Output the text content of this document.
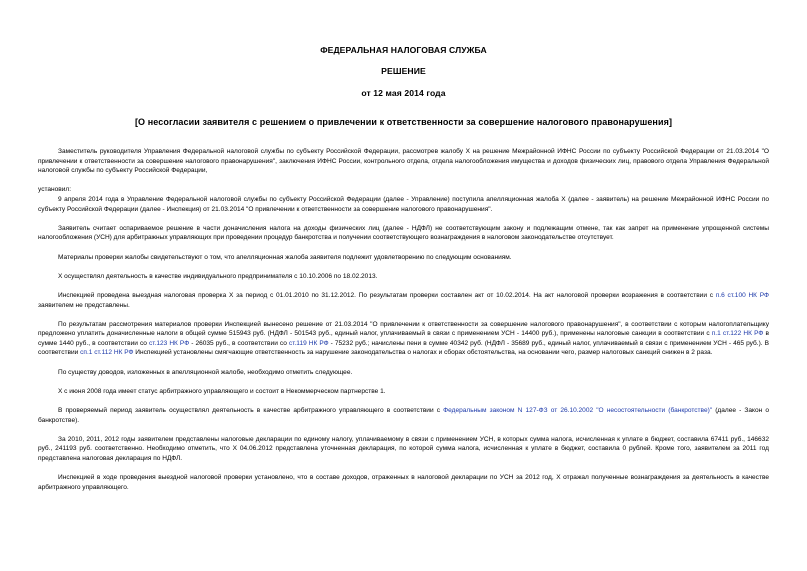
ФЕДЕРАЛЬНАЯ НАЛОГОВАЯ СЛУЖБА
РЕШЕНИЕ
от 12 мая 2014 года
[О несогласии заявителя с решением о привлечении к ответственности за совершение налогового правонарушения]

Заместитель руководителя Управления Федеральной налоговой службы по субъекту Российской Федерации, рассмотрев жалобу Х на решение Межрайонной ИФНС России по субъекту Российской Федерации от 21.03.2014 "О привлечении к ответственности за совершение налогового правонарушения", заключения ИФНС России, контрольного отдела, отдела налогообложения имущества и доходов физических лиц, правового отдела Управления Федеральной налоговой службы по субъекту Российской Федерации,

установил:

9 апреля 2014 года в Управление Федеральной налоговой службы по субъекту Российской Федерации (далее - Управление) поступила апелляционная жалоба Х (далее - заявитель) на решение Межрайонной ИФНС России по субъекту Российской Федерации (далее - Инспекция) от 21.03.2014 "О привлечении к ответственности за совершение налогового правонарушения".

Заявитель считает оспариваемое решение в части доначисления налога на доходы физических лиц (далее - НДФЛ) не соответствующим закону и подлежащим отмене, так как запрет на применение упрощенной системы налогообложения (УСН) для арбитражных управляющих при проведении процедур банкротства и получении соответствующего вознаграждения в налоговом законодательстве отсутствует.

Материалы проверки жалобы свидетельствуют о том, что апелляционная жалоба заявителя подлежит удовлетворению по следующим основаниям.

Х осуществлял деятельность в качестве индивидуального предпринимателя с 10.10.2006 по 18.02.2013.

Инспекцией проведена выездная налоговая проверка Х за период с 01.01.2010 по 31.12.2012. По результатам проверки составлен акт от 10.02.2014. На акт налоговой проверки возражения в соответствии с п.6 ст.100 НК РФ заявителем не представлены.

По результатам рассмотрения материалов проверки Инспекцией вынесено решение от 21.03.2014 "О привлечении к ответственности за совершение налогового правонарушения", в соответствии с которым налогоплательщику предложено уплатить доначисленные налоги в общей сумме 515943 руб. (НДФЛ - 501543 руб., единый налог, уплачиваемый в связи с применением УСН - 14400 руб.), применены налоговые санкции в соответствии с п.1 ст.122 НК РФ в сумме 1440 руб., в соответствии со ст.123 НК РФ - 26035 руб., в соответствии со ст.119 НК РФ - 75232 руб.; начислены пени в сумме 40342 руб. (НДФЛ - 35689 руб., единый налог, уплачиваемый в связи с применением УСН - 465 руб.). В соответствии сп.1 ст.112 НК РФ Инспекцией установлены смягчающие ответственность за нарушение законодательства о налогах и сборах обстоятельства, на основании чего, размер налоговых санкций снижен в 2 раза.

По существу доводов, изложенных в апелляционной жалобе, необходимо отметить следующее.

Х с июня 2008 года имеет статус арбитражного управляющего и состоит в Некоммерческом партнерстве 1.

В проверяемый период заявитель осуществлял деятельность в качестве арбитражного управляющего в соответствии с Федеральным законом N 127-ФЗ от 26.10.2002 "О несостоятельности (банкротстве)" (далее - Закон о банкротстве).

За 2010, 2011, 2012 годы заявителем представлены налоговые декларации по единому налогу, уплачиваемому в связи с применением УСН, в которых сумма налога, исчисленная к уплате в бюджет, составила 67411 руб., 146632 руб., 241193 руб. соответственно. Необходимо отметить, что Х 04.06.2012 представлена уточненная декларация, по которой сумма налога, исчисленная к уплате в бюджет, составила 0 рублей. Кроме того, заявителем за 2011 год представлена налоговая декларация по НДФЛ.

Инспекцией в ходе проведения выездной налоговой проверки установлено, что в составе доходов, отраженных в налоговой декларации по УСН за 2012 год, Х отражал полученные вознаграждения за деятельность в качестве арбитражного управляющего.
